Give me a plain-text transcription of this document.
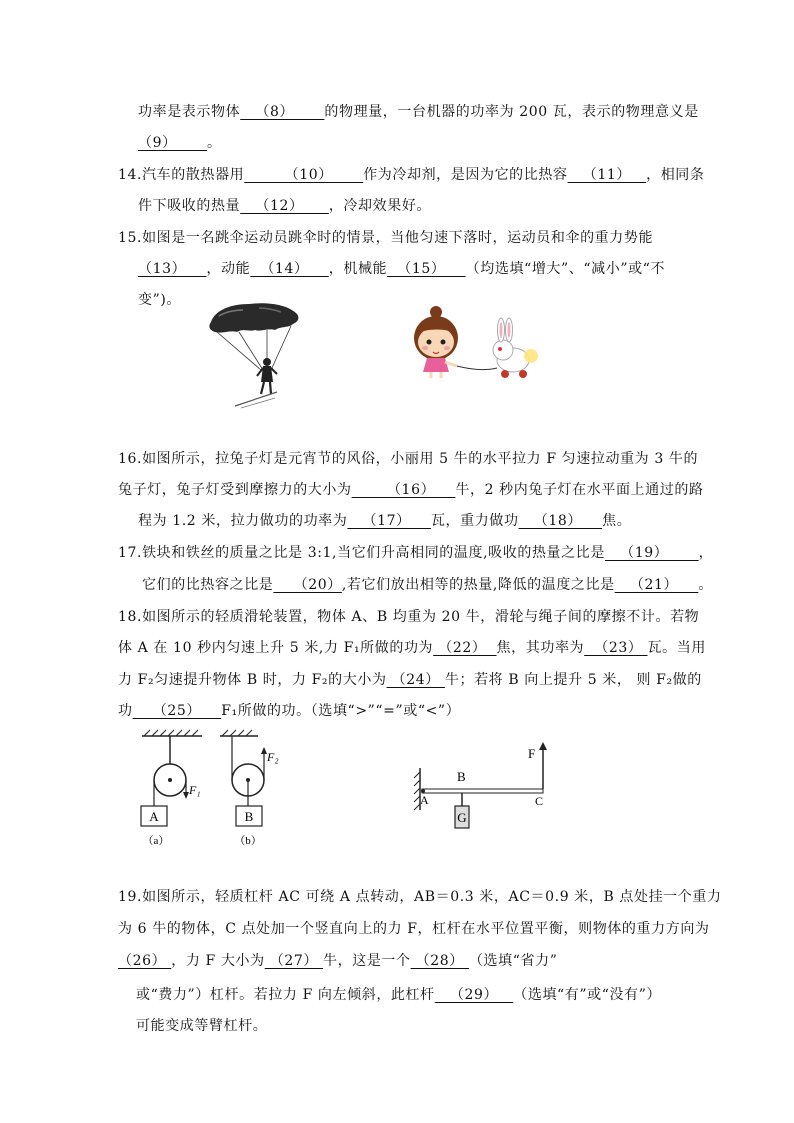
功率是表示物体   （8）      的物理量，一台机器的功率为 200 瓦，表示的物理意义是
（9）      。
14.汽车的散热器用        （10）      作为冷却剂，是因为它的比热容   （11）   ，相同条
件下吸收的热量   （12）     ，冷却效果好。
15.如图是一名跳伞运动员跳伞时的情景，当他匀速下落时，运动员和伞的重力势能
（13）    ，动能  （14）    ，机械能  （15）    （均选填“增大”、“减小”或“不
变”)。
16.如图所示，拉兔子灯是元宵节的风俗，小丽用 5 牛的水平拉力 F 匀速拉动重为 3 牛的
兔子灯，兔子灯受到摩擦力的大小为       （16）    牛，2 秒内兔子灯在水平面上通过的路
程为 1.2 米，拉力做功的功率为   （17）    瓦，重力做功   （18）    焦。
17.铁块和铁丝的质量之比是 3:1,当它们升高相同的温度,吸收的热量之比是   （19）      ，
它们的比热容之比是    （20）,若它们放出相等的热量,降低的温度之比是   （21）    。
18.如图所示的轻质滑轮装置，物体 A、B 均重为 20 牛，滑轮与绳子间的摩擦不计。若物
体 A 在 10 秒内匀速上升 5 米,力 F₁所做的功为 （22）  焦，其功率为  （23） 瓦。当用
力 F₂匀速提升物体 B 时，力 F₂的大小为 （24） 牛；若将 B 向上提升 5 米， 则 F₂做的
功    （25）    F₁所做的功。（选填“>”“=”或“<”）
F₁
A
（a）
F₂
B
（b）
F
A
B
C
G
19.如图所示，轻质杠杆 AC 可绕 A 点转动，AB＝0.3 米，AC＝0.9 米，B 点处挂一个重力
为 6 牛的物体，C 点处加一个竖直向上的力 F，杠杆在水平位置平衡，则物体的重力方向为
（26） ，力 F 大小为 （27） 牛，这是一个 （28） （选填“省力”
或“费力”）杠杆。若拉力 F 向左倾斜，此杠杆   （29）   （选填“有”或“没有”）
可能变成等臂杠杆。
